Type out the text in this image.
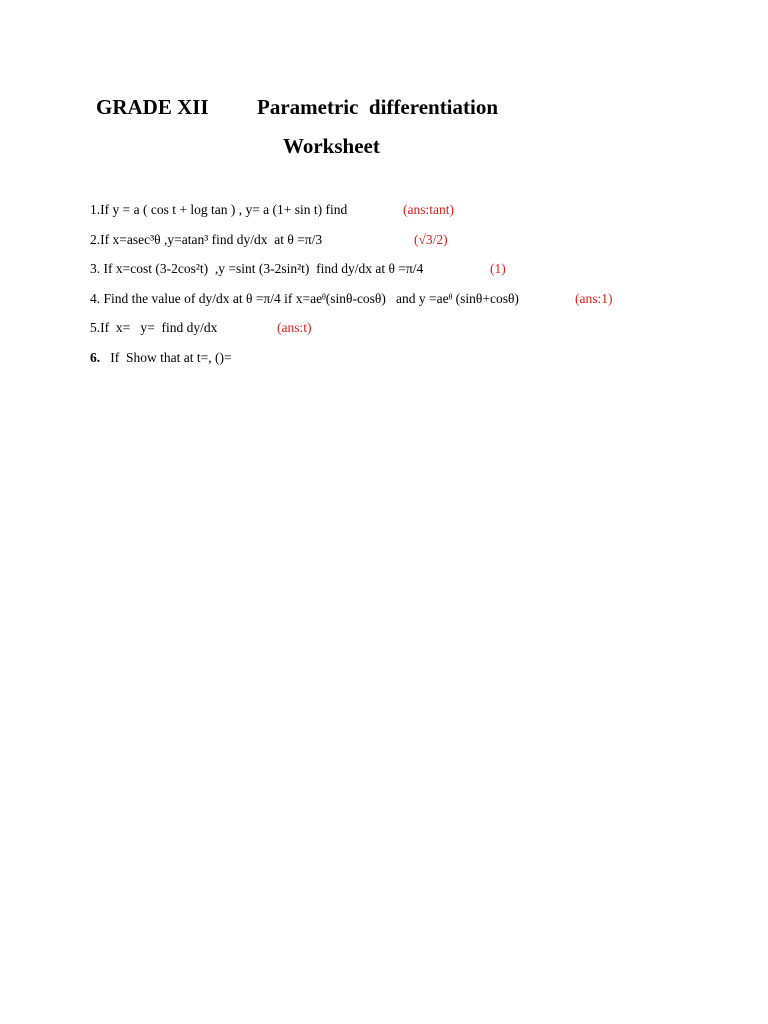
GRADE XII Parametric  differentiation
Worksheet
1.If y = a ( cos t + log tan ) , y= a (1+ sin t) find	(ans:tant)
2.If x=asec³θ ,y=atan³ find dy/dx  at θ =π/3	(√3/2)
3. If x=cost (3-2cos²t)  ,y =sint (3-2sin²t)  find dy/dx at θ =π/4	(1)
4. Find the value of dy/dx at θ =π/4 if x=aeᶿ(sinθ-cosθ)   and y =aeᶿ (sinθ+cosθ)	(ans:1)
5.If  x=   y=  find dy/dx	(ans:t)
6. If  Show that at t=, ()=
